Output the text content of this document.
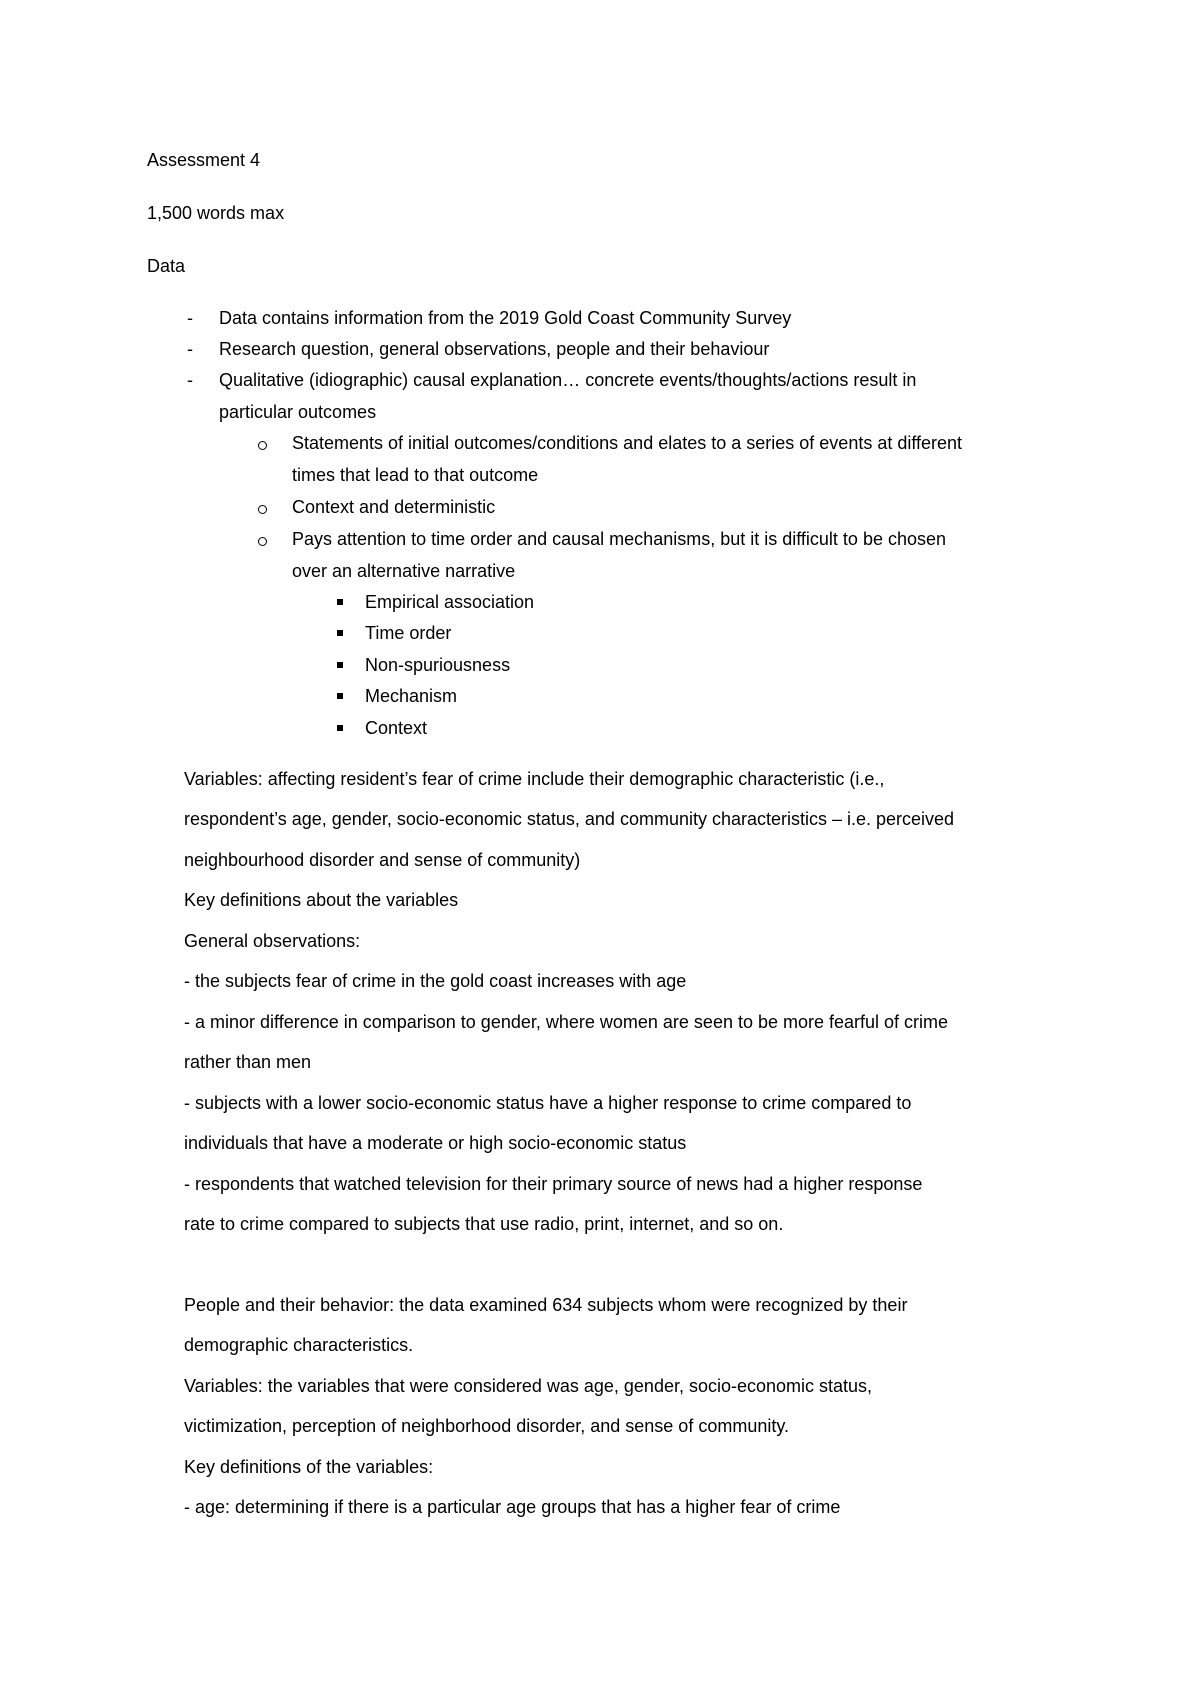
Assessment 4
1,500 words max
Data
- Data contains information from the 2019 Gold Coast Community Survey
- Research question, general observations, people and their behaviour
- Qualitative (idiographic) causal explanation… concrete events/thoughts/actions result in
particular outcomes
Statements of initial outcomes/conditions and elates to a series of events at different
times that lead to that outcome
Context and deterministic
Pays attention to time order and causal mechanisms, but it is difficult to be chosen
over an alternative narrative
Empirical association
Time order
Non-spuriousness
Mechanism
Context
Variables: affecting resident’s fear of crime include their demographic characteristic (i.e.,
respondent’s age, gender, socio-economic status, and community characteristics – i.e. perceived
neighbourhood disorder and sense of community)
Key definitions about the variables
General observations:
- the subjects fear of crime in the gold coast increases with age
- a minor difference in comparison to gender, where women are seen to be more fearful of crime
rather than men
- subjects with a lower socio-economic status have a higher response to crime compared to
individuals that have a moderate or high socio-economic status
- respondents that watched television for their primary source of news had a higher response
rate to crime compared to subjects that use radio, print, internet, and so on.
People and their behavior: the data examined 634 subjects whom were recognized by their
demographic characteristics.
Variables: the variables that were considered was age, gender, socio-economic status,
victimization, perception of neighborhood disorder, and sense of community.
Key definitions of the variables:
- age: determining if there is a particular age groups that has a higher fear of crime
